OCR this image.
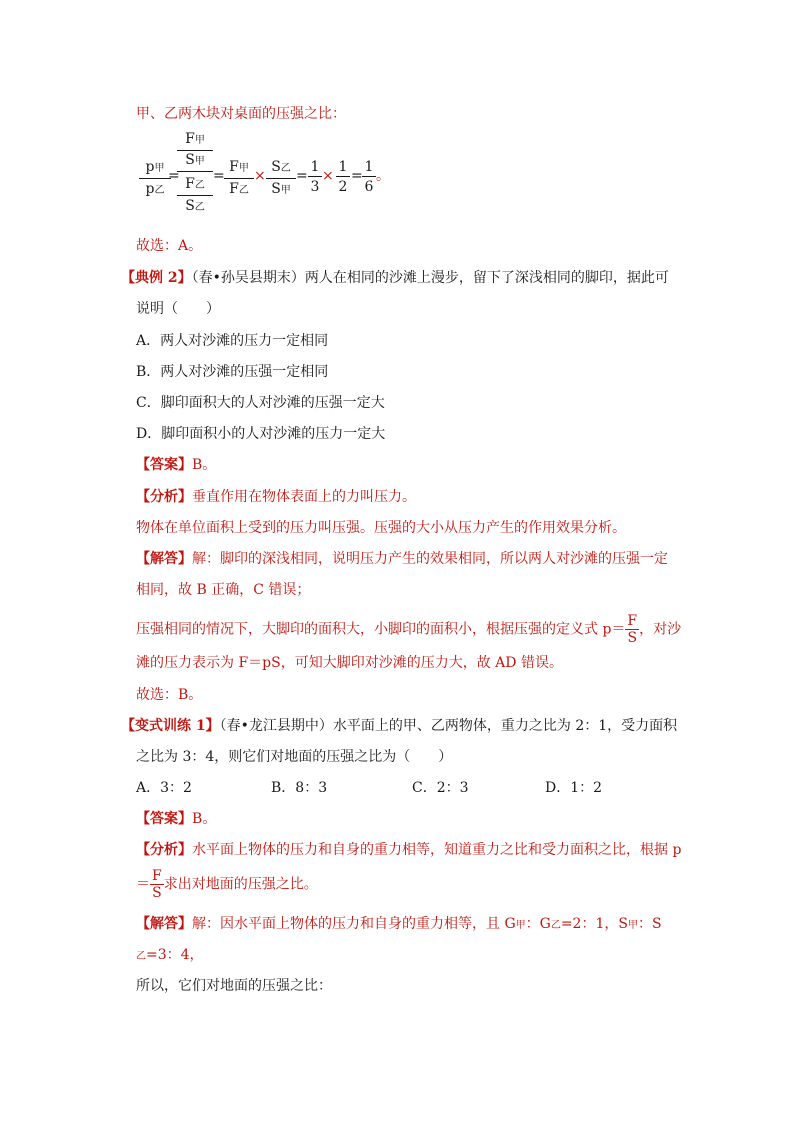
甲、乙两木块对桌面的压强之比：
p甲
p乙
=
F甲
S甲
F乙
S乙
=
F甲
F乙
×
S乙
S甲
= $\frac{1}{3} \times \frac{1}{2} = \frac{1}{6}$ 。
故选：A。
【典例 2】（春•孙吴县期末）两人在相同的沙滩上漫步，留下了深浅相同的脚印，据此可
说明（　　）
A．两人对沙滩的压力一定相同
B．两人对沙滩的压强一定相同
C．脚印面积大的人对沙滩的压强一定大
D．脚印面积小的人对沙滩的压力一定大
【答案】B。
【分析】垂直作用在物体表面上的力叫压力。
物体在单位面积上受到的压力叫压强。压强的大小从压力产生的作用效果分析。
【解答】解：脚印的深浅相同，说明压力产生的效果相同，所以两人对沙滩的压强一定
相同，故 B 正确，C 错误；
压强相同的情况下，大脚印的面积大，小脚印的面积小，根据压强的定义式 $p= \frac{F}{S}$ ，对沙
滩的压力表示为 F＝pS，可知大脚印对沙滩的压力大，故 AD 错误。
故选：B。
【变式训练 1】（春•龙江县期中）水平面上的甲、乙两物体，重力之比为 2：1，受力面积
之比为 3：4，则它们对地面的压强之比为（　　）
A．3：2	B．8：3	C．2：3	D．1：2
【答案】B。
【分析】水平面上物体的压力和自身的重力相等，知道重力之比和受力面积之比，根据 p
＝ $\frac{F}{S}$ 求出对地面的压强之比。
【解答】解：因水平面上物体的压力和自身的重力相等，且 G甲：G乙=2：1，S甲：S
乙=3：4，
所以，它们对地面的压强之比：
